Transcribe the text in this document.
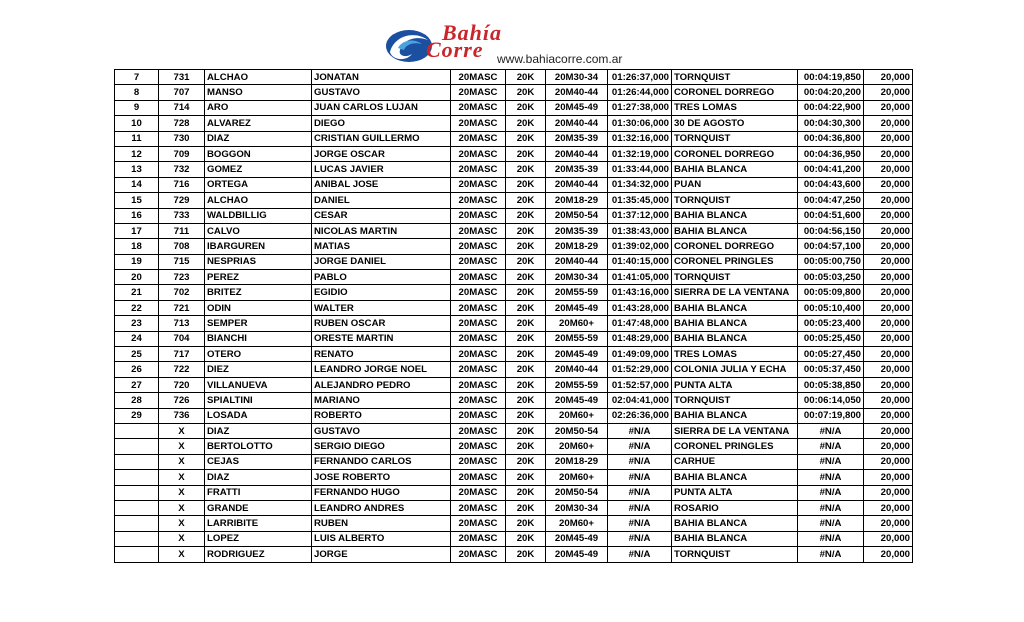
Bahía
Corre www.bahiacorre.com.ar
7	731	ALCHAO	JONATAN	20MASC	20K	20M30-34	01:26:37,000	TORNQUIST	00:04:19,850	20,000
8	707	MANSO	GUSTAVO	20MASC	20K	20M40-44	01:26:44,000	CORONEL DORREGO	00:04:20,200	20,000
9	714	ARO	JUAN CARLOS LUJAN	20MASC	20K	20M45-49	01:27:38,000	TRES LOMAS	00:04:22,900	20,000
10	728	ALVAREZ	DIEGO	20MASC	20K	20M40-44	01:30:06,000	30 DE AGOSTO	00:04:30,300	20,000
11	730	DIAZ	CRISTIAN GUILLERMO	20MASC	20K	20M35-39	01:32:16,000	TORNQUIST	00:04:36,800	20,000
12	709	BOGGON	JORGE OSCAR	20MASC	20K	20M40-44	01:32:19,000	CORONEL DORREGO	00:04:36,950	20,000
13	732	GOMEZ	LUCAS JAVIER	20MASC	20K	20M35-39	01:33:44,000	BAHIA BLANCA	00:04:41,200	20,000
14	716	ORTEGA	ANIBAL JOSE	20MASC	20K	20M40-44	01:34:32,000	PUAN	00:04:43,600	20,000
15	729	ALCHAO	DANIEL	20MASC	20K	20M18-29	01:35:45,000	TORNQUIST	00:04:47,250	20,000
16	733	WALDBILLIG	CESAR	20MASC	20K	20M50-54	01:37:12,000	BAHIA BLANCA	00:04:51,600	20,000
17	711	CALVO	NICOLAS MARTIN	20MASC	20K	20M35-39	01:38:43,000	BAHIA BLANCA	00:04:56,150	20,000
18	708	IBARGUREN	MATIAS	20MASC	20K	20M18-29	01:39:02,000	CORONEL DORREGO	00:04:57,100	20,000
19	715	NESPRIAS	JORGE DANIEL	20MASC	20K	20M40-44	01:40:15,000	CORONEL PRINGLES	00:05:00,750	20,000
20	723	PEREZ	PABLO	20MASC	20K	20M30-34	01:41:05,000	TORNQUIST	00:05:03,250	20,000
21	702	BRITEZ	EGIDIO	20MASC	20K	20M55-59	01:43:16,000	SIERRA DE LA VENTANA	00:05:09,800	20,000
22	721	ODIN	WALTER	20MASC	20K	20M45-49	01:43:28,000	BAHIA BLANCA	00:05:10,400	20,000
23	713	SEMPER	RUBEN OSCAR	20MASC	20K	20M60+	01:47:48,000	BAHIA BLANCA	00:05:23,400	20,000
24	704	BIANCHI	ORESTE MARTIN	20MASC	20K	20M55-59	01:48:29,000	BAHIA BLANCA	00:05:25,450	20,000
25	717	OTERO	RENATO	20MASC	20K	20M45-49	01:49:09,000	TRES LOMAS	00:05:27,450	20,000
26	722	DIEZ	LEANDRO JORGE NOEL	20MASC	20K	20M40-44	01:52:29,000	COLONIA JULIA Y ECHA	00:05:37,450	20,000
27	720	VILLANUEVA	ALEJANDRO PEDRO	20MASC	20K	20M55-59	01:52:57,000	PUNTA ALTA	00:05:38,850	20,000
28	726	SPIALTINI	MARIANO	20MASC	20K	20M45-49	02:04:41,000	TORNQUIST	00:06:14,050	20,000
29	736	LOSADA	ROBERTO	20MASC	20K	20M60+	02:26:36,000	BAHIA BLANCA	00:07:19,800	20,000
	X	DIAZ	GUSTAVO	20MASC	20K	20M50-54	#N/A	SIERRA DE LA VENTANA	#N/A	20,000
	X	BERTOLOTTO	SERGIO DIEGO	20MASC	20K	20M60+	#N/A	CORONEL PRINGLES	#N/A	20,000
	X	CEJAS	FERNANDO CARLOS	20MASC	20K	20M18-29	#N/A	CARHUE	#N/A	20,000
	X	DIAZ	JOSE ROBERTO	20MASC	20K	20M60+	#N/A	BAHIA BLANCA	#N/A	20,000
	X	FRATTI	FERNANDO HUGO	20MASC	20K	20M50-54	#N/A	PUNTA ALTA	#N/A	20,000
	X	GRANDE	LEANDRO ANDRES	20MASC	20K	20M30-34	#N/A	ROSARIO	#N/A	20,000
	X	LARRIBITE	RUBEN	20MASC	20K	20M60+	#N/A	BAHIA BLANCA	#N/A	20,000
	X	LOPEZ	LUIS ALBERTO	20MASC	20K	20M45-49	#N/A	BAHIA BLANCA	#N/A	20,000
	X	RODRIGUEZ	JORGE	20MASC	20K	20M45-49	#N/A	TORNQUIST	#N/A	20,000
